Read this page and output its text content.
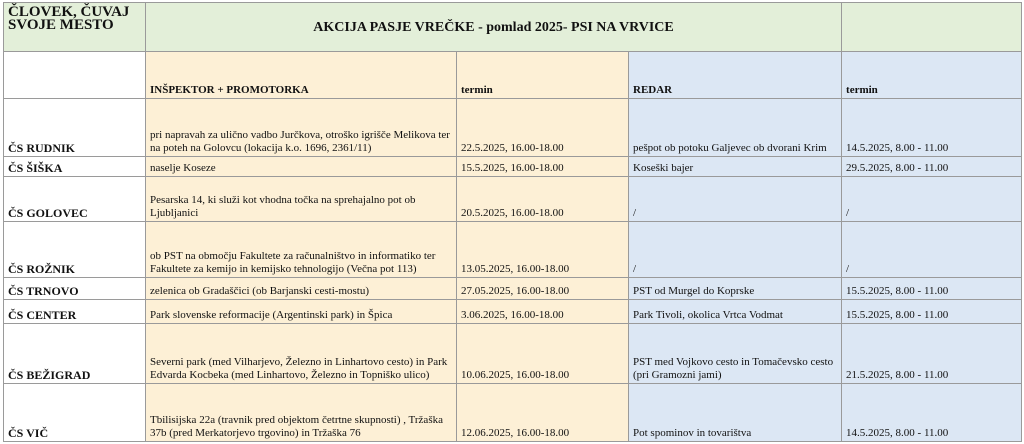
ČLOVEK, ČUVAJ SVOJE MESTO	AKCIJA PASJE VREČKE - pomlad 2025- PSI NA VRVICE			
	INŠPEKTOR + PROMOTORKA	termin	REDAR	termin
ČS RUDNIK	pri napravah za ulično vadbo Jurčkova, otroško igrišče Melikova ter na poteh na Golovcu (lokacija k.o. 1696, 2361/11)	22.5.2025, 16.00-18.00	pešpot ob potoku Galjevec ob dvorani Krim	14.5.2025, 8.00 - 11.00
ČS ŠIŠKA	naselje Koseze	15.5.2025, 16.00-18.00	Koseški bajer	29.5.2025, 8.00 - 11.00
ČS GOLOVEC	Pesarska 14, ki služi kot vhodna točka na sprehajalno pot ob Ljubljanici	20.5.2025, 16.00-18.00	/	/
ČS ROŽNIK	ob PST na območju Fakultete za računalništvo in informatiko ter Fakultete za kemijo in kemijsko tehnologijo (Večna pot 113)	13.05.2025, 16.00-18.00	/	/
ČS TRNOVO	zelenica ob Gradaščici (ob Barjanski cesti-mostu)	27.05.2025, 16.00-18.00	PST od Murgel do Koprske	15.5.2025, 8.00 - 11.00
ČS CENTER	Park slovenske reformacije (Argentinski park) in Špica	3.06.2025, 16.00-18.00	Park Tivoli, okolica Vrtca Vodmat	15.5.2025, 8.00 - 11.00
ČS BEŽIGRAD	Severni park (med Vilharjevo, Železno in Linhartovo cesto) in Park Edvarda Kocbeka (med Linhartovo, Železno in Topniško ulico)	10.06.2025, 16.00-18.00	PST med Vojkovo cesto in Tomačevsko cesto (pri Gramozni jami)	21.5.2025, 8.00 - 11.00
ČS VIČ	Tbilisijska 22a (travnik pred objektom četrtne skupnosti) , Tržaška 37b (pred Merkatorjevo trgovino) in Tržaška 76	12.06.2025, 16.00-18.00	Pot spominov in tovarištva	14.5.2025, 8.00 - 11.00
